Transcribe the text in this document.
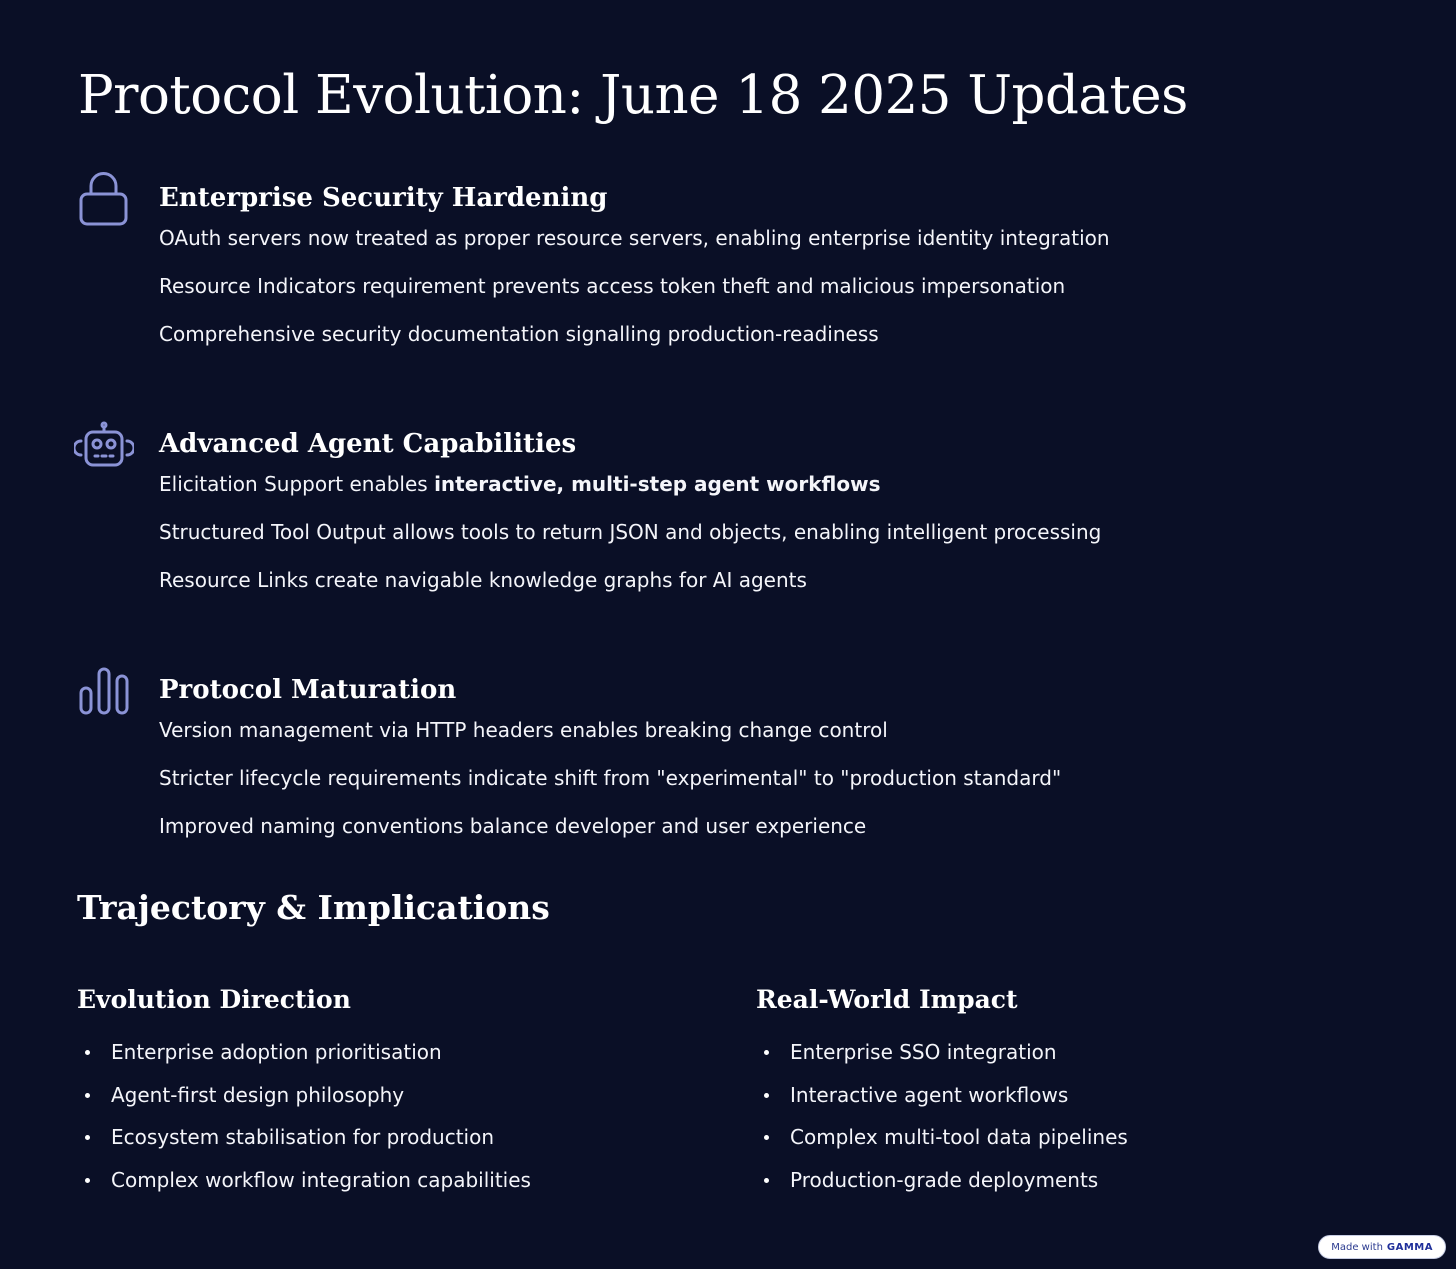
Protocol Evolution: June 18 2025 Updates
Enterprise Security Hardening
OAuth servers now treated as proper resource servers, enabling enterprise identity integration
Resource Indicators requirement prevents access token theft and malicious impersonation
Comprehensive security documentation signalling production-readiness
Advanced Agent Capabilities
Elicitation Support enables interactive, multi-step agent workflows
Structured Tool Output allows tools to return JSON and objects, enabling intelligent processing
Resource Links create navigable knowledge graphs for AI agents
Protocol Maturation
Version management via HTTP headers enables breaking change control
Stricter lifecycle requirements indicate shift from "experimental" to "production standard"
Improved naming conventions balance developer and user experience
Trajectory & Implications
Evolution Direction
Enterprise adoption prioritisation
Agent-first design philosophy
Ecosystem stabilisation for production
Complex workflow integration capabilities
Real-World Impact
Enterprise SSO integration
Interactive agent workflows
Complex multi-tool data pipelines
Production-grade deployments
Made with GAMMA
